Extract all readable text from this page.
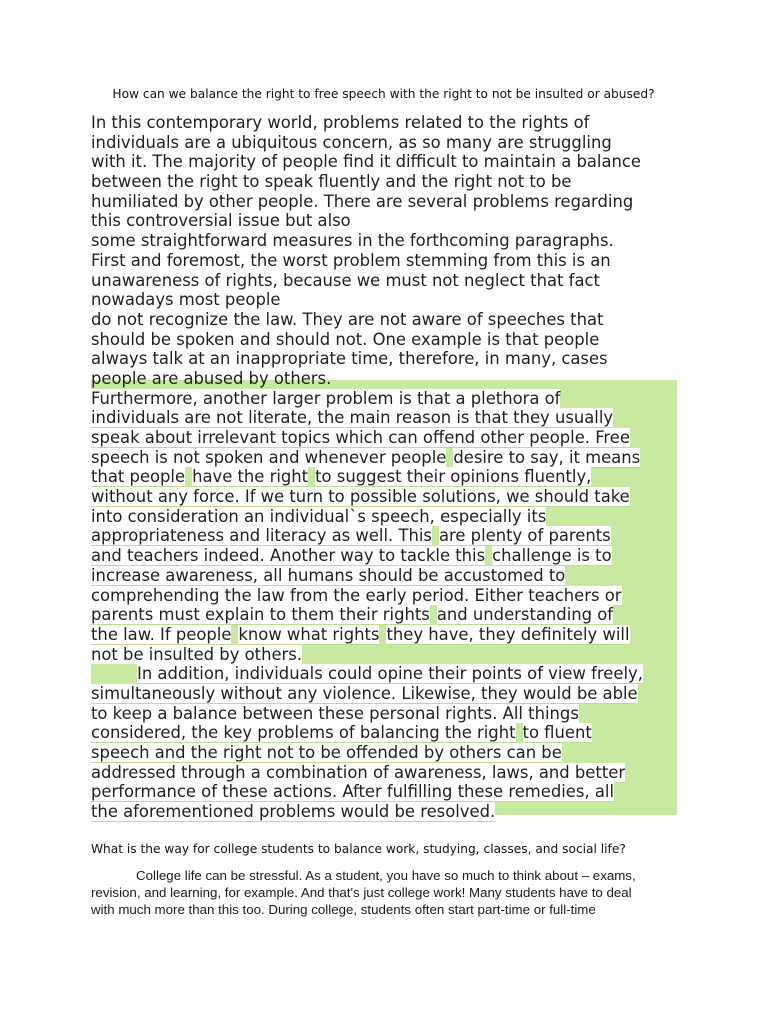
How can we balance the right to free speech with the right to not be insulted or abused?
In this contemporary world, problems related to the rights of
individuals are a ubiquitous concern, as so many are struggling
with it. The majority of people find it difficult to maintain a balance
between the right to speak fluently and the right not to be
humiliated by other people. There are several problems regarding
this controversial issue but also
some straightforward measures in the forthcoming paragraphs.
First and foremost, the worst problem stemming from this is an
unawareness of rights, because we must not neglect that fact
nowadays most people
do not recognize the law. They are not aware of speeches that
should be spoken and should not. One example is that people
always talk at an inappropriate time, therefore, in many, cases
people are abused by others.
Furthermore, another larger problem is that a plethora of
individuals are not literate, the main reason is that they usually
speak about irrelevant topics which can offend other people. Free
speech is not spoken and whenever people desire to say, it means
that people have the right to suggest their opinions fluently,
without any force. If we turn to possible solutions, we should take
into consideration an individual`s speech, especially its
appropriateness and literacy as well. This are plenty of parents
and teachers indeed. Another way to tackle this challenge is to
increase awareness, all humans should be accustomed to
comprehending the law from the early period. Either teachers or
parents must explain to them their rights and understanding of
the law. If people know what rights they have, they definitely will
not be insulted by others.
In addition, individuals could opine their points of view freely,
simultaneously without any violence. Likewise, they would be able
to keep a balance between these personal rights. All things
considered, the key problems of balancing the right to fluent
speech and the right not to be offended by others can be
addressed through a combination of awareness, laws, and better
performance of these actions. After fulfilling these remedies, all
the aforementioned problems would be resolved.
What is the way for college students to balance work, studying, classes, and social life?
College life can be stressful. As a student, you have so much to think about – exams,
revision, and learning, for example. And that's just college work! Many students have to deal
with much more than this too. During college, students often start part-time or full-time
